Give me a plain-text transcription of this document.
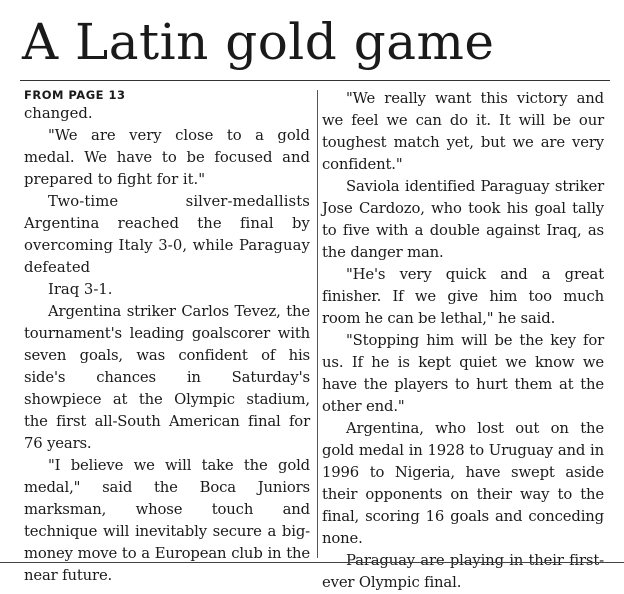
A Latin gold game
FROM PAGE 13

changed.

"We are very close to a gold medal. We have to be focused and prepared to fight for it."

Two-time silver-medallists Argentina reached the final by overcoming Italy 3-0, while Paraguay defeated

Iraq 3-1.

Argentina striker Carlos Tevez, the tournament's leading goalscorer with seven goals, was confident of his side's chances in Saturday's showpiece at the Olympic stadium, the first all-South American final for 76 years.

"I believe we will take the gold medal," said the Boca Juniors marksman, whose touch and technique will inevitably secure a big-money move to a European club in the near future.

"We really want this victory and we feel we can do it. It will be our toughest match yet, but we are very confident."

Saviola identified Paraguay striker Jose Cardozo, who took his goal tally to five with a double against Iraq, as the danger man.

"He's very quick and a great finisher. If we give him too much room he can be lethal," he said.

"Stopping him will be the key for us. If he is kept quiet we know we have the players to hurt them at the other end."

Argentina, who lost out on the gold medal in 1928 to Uruguay and in 1996 to Nigeria, have swept aside their opponents on their way to the final, scoring 16 goals and conceding none.

Paraguay are playing in their first-ever Olympic final.
